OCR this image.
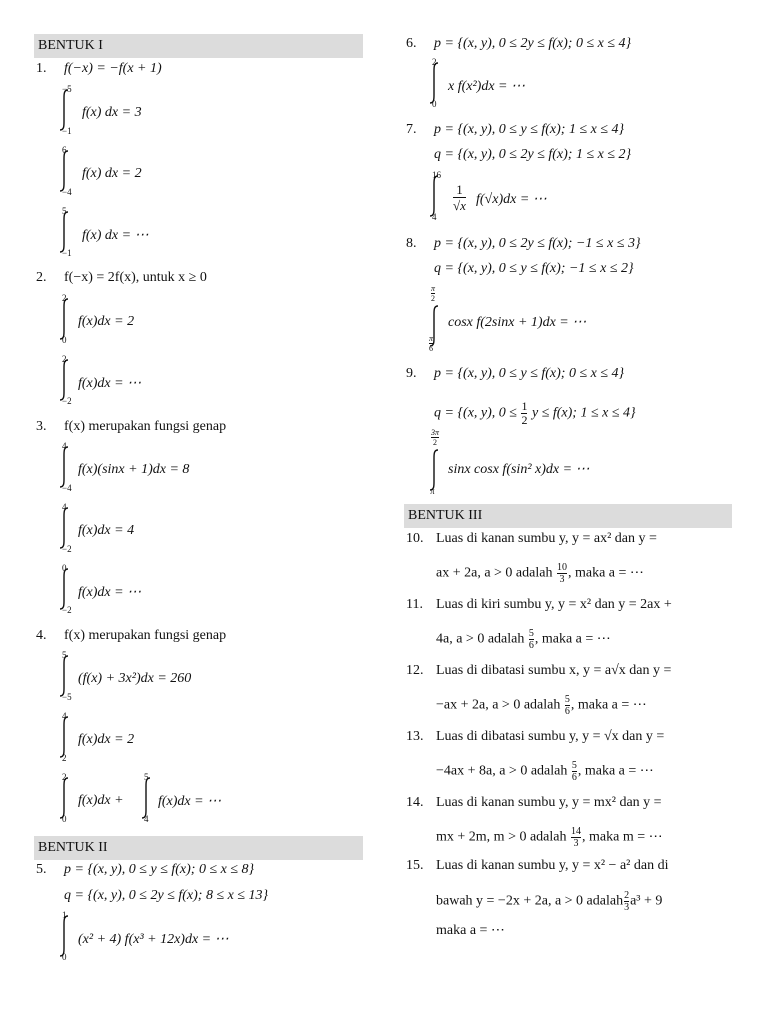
BENTUK I
1. f(−x) = −f(x + 1)
−5
−1
f(x) dx = 3
6
−4
f(x) dx = 2
5
−1
f(x) dx = ⋯
2. f(−x) = 2f(x), untuk x ≥ 0
2
0
f(x)dx = 2
2
−2
f(x)dx = ⋯
3. f(x) merupakan fungsi genap
4
−4
f(x)(sinx + 1)dx = 8
4
−2
f(x)dx = 4
0
−2
f(x)dx = ⋯
4. f(x) merupakan fungsi genap
5
−5
(f(x) + 3x²)dx = 260
4
2
f(x)dx = 2
2
0
f(x)dx +
5
4
f(x)dx = ⋯
BENTUK II
5. p = {(x, y), 0 ≤ y ≤ f(x); 0 ≤ x ≤ 8}
q = {(x, y), 0 ≤ 2y ≤ f(x); 8 ≤ x ≤ 13}
1
0
(x² + 4) f(x³ + 12x)dx = ⋯
6. p = {(x, y), 0 ≤ 2y ≤ f(x); 0 ≤ x ≤ 4}
2
0
x f(x²)dx = ⋯
7. p = {(x, y), 0 ≤ y ≤ f(x); 1 ≤ x ≤ 4}
q = {(x, y), 0 ≤ 2y ≤ f(x); 1 ≤ x ≤ 2}
16
4
$\frac{1}{√x} f(√x)dx$ = ⋯
8. p = {(x, y), 0 ≤ 2y ≤ f(x); −1 ≤ x ≤ 3}
q = {(x, y), 0 ≤ y ≤ f(x); −1 ≤ x ≤ 2}
$\frac{\pi}{2}$
$\frac{\pi}{6}$
cosx f(2sinx + 1)dx = ⋯
9. p = {(x, y), 0 ≤ y ≤ f(x); 0 ≤ x ≤ 4}
q = {(x, y), $0 \le \frac{1}{2}$ y ≤ f(x); 1 ≤ x ≤ 4}
$\frac{3\pi}{2}$
π
sinx cosx f(sin² x)dx = ⋯
BENTUK III
10. Luas di kanan sumbu y, y = ax² dan y =
ax + 2a, a > 0 adalah $\frac{10}{3}$ , maka a = ⋯
11. Luas di kiri sumbu y, y = x² dan y = 2ax +
4a, a > 0 adalah $\frac{5}{6}$ , maka a = ⋯
12. Luas di dibatasi sumbu x, y = a√x dan y =
−ax + 2a, a > 0 adalah $\frac{5}{6}$ , maka a = ⋯
13. Luas di dibatasi sumbu y, y = √x dan y =
−4ax + 8a, a > 0 adalah $\frac{5}{6}$ , maka a = ⋯
14. Luas di kanan sumbu y, y = mx² dan y =
mx + 2m, m > 0 adalah $\frac{14}{3}$ , maka m = ⋯
15. Luas di kanan sumbu y, y = x² − a² dan di
bawah y = −2x + 2a, a > 0 adalah $\frac{2}{3} a^3 + 9$
maka a = ⋯
